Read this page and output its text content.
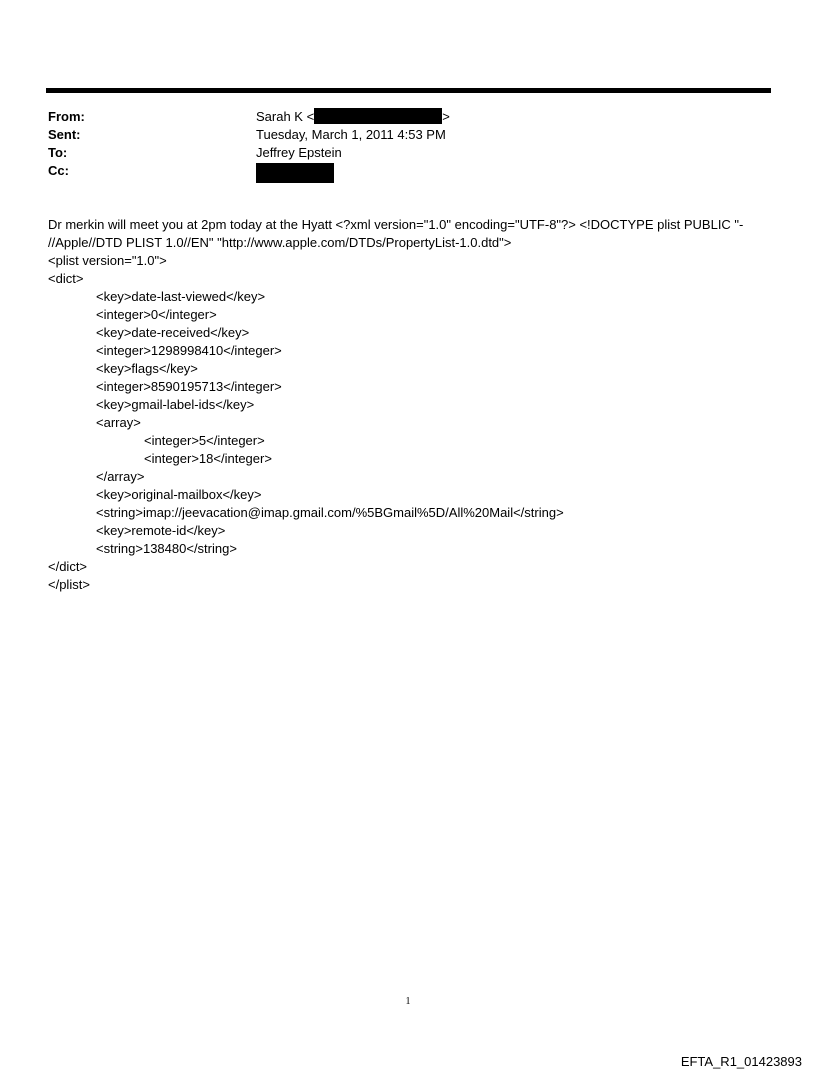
From:	Sarah K <	>
Sent:	Tuesday, March 1, 2011 4:53 PM
To:	Jeffrey Epstein
Cc:
Dr merkin will meet you at 2pm today at the Hyatt <?xml version="1.0" encoding="UTF-8"?> <!DOCTYPE plist PUBLIC "-
//Apple//DTD PLIST 1.0//EN" "http://www.apple.com/DTDs/PropertyList-1.0.dtd">
<plist version="1.0">
<dict>
<key>date-last-viewed</key>
<integer>0</integer>
<key>date-received</key>
<integer>1298998410</integer>
<key>flags</key>
<integer>8590195713</integer>
<key>gmail-label-ids</key>
<array>
<integer>5</integer>
<integer>18</integer>
</array>
<key>original-mailbox</key>
<string>imap://jeevacation@imap.gmail.com/%5BGmail%5D/All%20Mail</string>
<key>remote-id</key>
<string>138480</string>
</dict>
</plist>
1
EFTA_R1_01423893
